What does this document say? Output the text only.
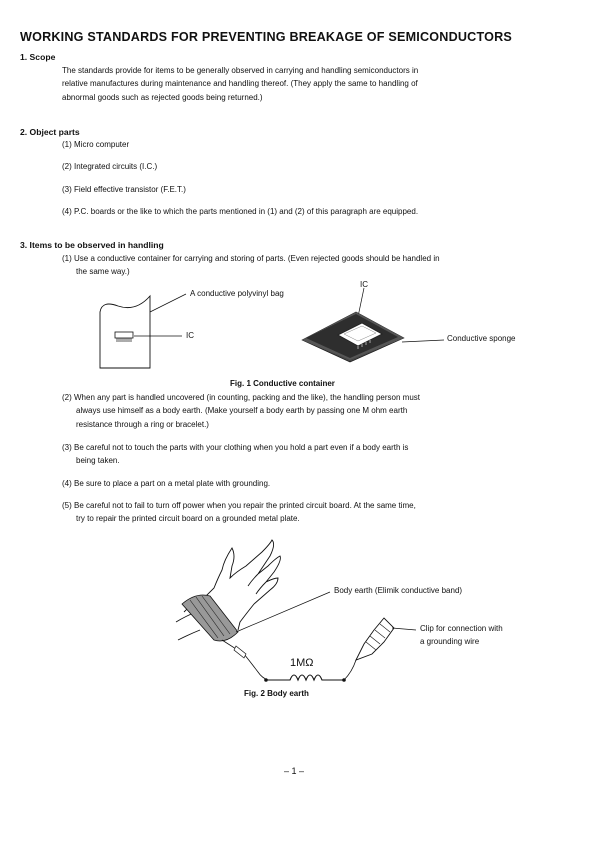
WORKING STANDARDS FOR PREVENTING BREAKAGE OF SEMICONDUCTORS
1. Scope
The standards provide for items to be generally observed in carrying and handling semiconductors in
relative manufactures during maintenance and handling thereof. (They apply the same to handling of
abnormal goods such as rejected goods being returned.)
2. Object parts
(1) Micro computer
(2) Integrated circuits (I.C.)
(3) Field effective transistor (F.E.T.)
(4) P.C. boards or the like to which the parts mentioned in (1) and (2) of this paragraph are equipped.
3. Items to be observed in handling
(1) Use a conductive container for carrying and storing of parts. (Even rejected goods should be handled in
the same way.)
A conductive polyvinyl bag
IC
IC
Conductive sponge
Fig. 1 Conductive container
(2) When any part is handled uncovered (in counting, packing and the like), the handling person must
always use himself as a body earth. (Make yourself a body earth by passing one M ohm earth
resistance through a ring or bracelet.)
(3) Be careful not to touch the parts with your clothing when you hold a part even if a body earth is
being taken.
(4) Be sure to place a part on a metal plate with grounding.
(5) Be careful not to fail to turn off power when you repair the printed circuit board. At the same time,
try to repair the printed circuit board on a grounded metal plate.
Body earth (Elimik conductive band)
Clip for connection with
a grounding wire
1MΩ
Fig. 2 Body earth
– 1 –
